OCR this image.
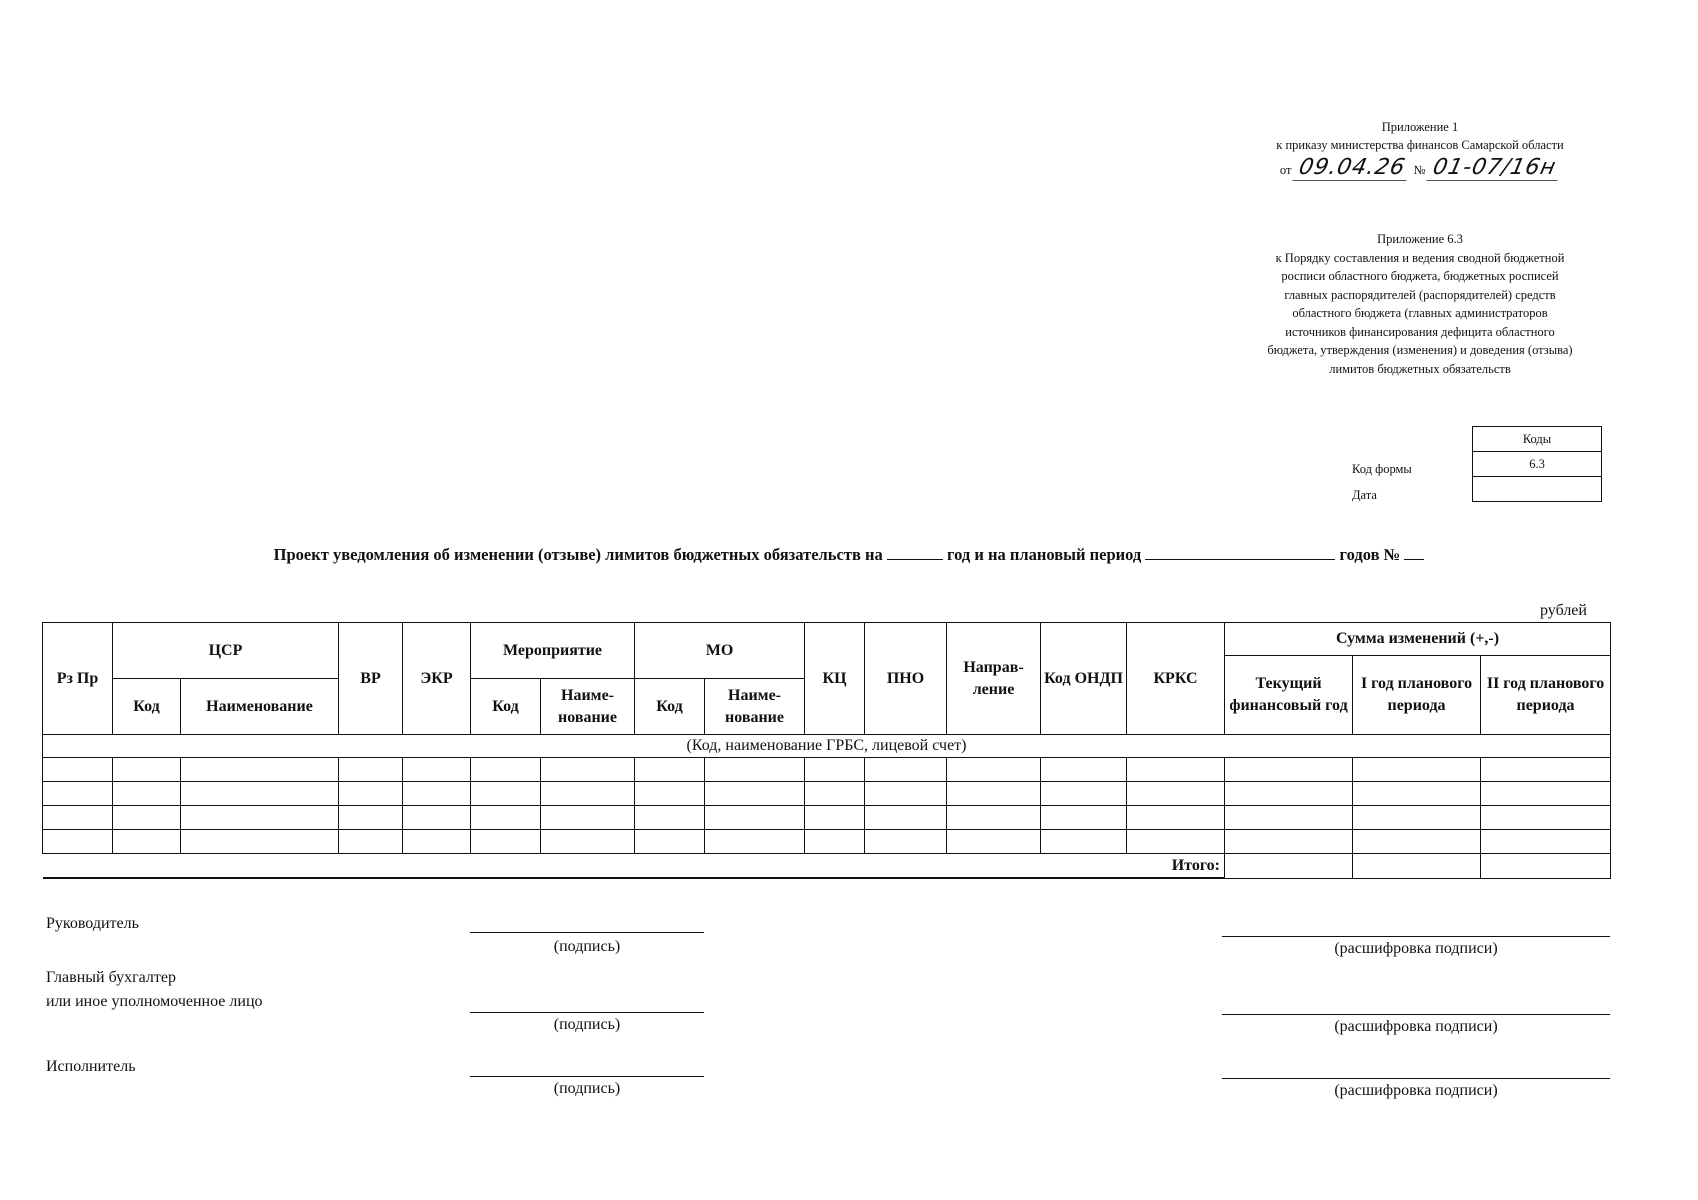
Приложение 1
к приказу министерства финансов Самарской области
от 09.04.26 № 01-07/16н
Приложение 6.3
к Порядку составления и ведения сводной бюджетной
росписи областного бюджета, бюджетных росписей
главных распорядителей (распорядителей) средств
областного бюджета (главных администраторов
источников финансирования дефицита областного
бюджета, утверждения (изменения) и доведения (отзыва)
лимитов бюджетных обязательств
Коды
6.3

Код формы
Дата
Проект уведомления об изменении (отзыве) лимитов бюджетных обязательств на	год и на плановый период	годов №
рублей
Рз Пр	ЦСР		ВР	ЭКР	Мероприятие		МО		КЦ	ПНО	Направ-ление	Код ОНДП	КРКС	Сумма изменений (+,-)		
														Текущий финансовый год	I год планового периода	II год планового периода
	Код	Наименование			Код	Наиме-нование	Код	Наиме-нование								
(Код, наименование ГРБС, лицевой счет)																

Итого:																
Руководитель
(подпись)	(расшифровка подписи)
Главный бухгалтер
или иное уполномоченное лицо
(подпись)	(расшифровка подписи)
Исполнитель
(подпись)	(расшифровка подписи)
